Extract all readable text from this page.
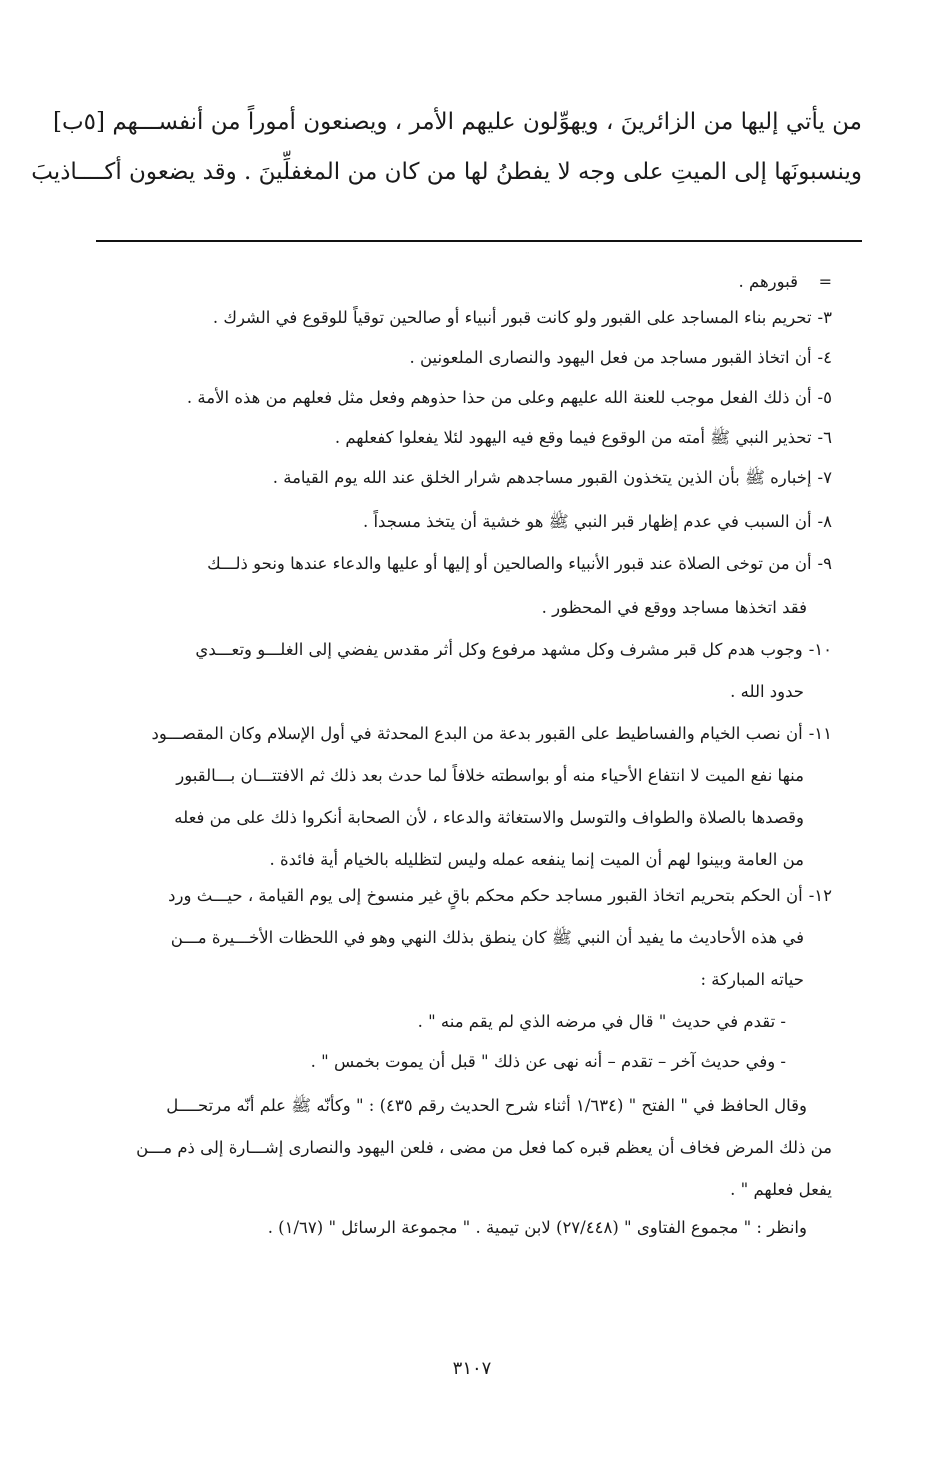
من يأتي إليها من الزائرينَ ، ويهوِّلون عليهم الأمر ، ويصنعون أموراً من أنفســـهم [٥ب]
وينسبونَها إلى الميتِ على وجه لا يفطنُ لها من كان من المغفلِّينَ . وقد يضعون أكــــاذيبَ
=
قبورهم .
٣-تحريم بناء المساجد على القبور ولو كانت قبور أنبياء أو صالحين توقياً للوقوع في الشرك .
٤-أن اتخاذ القبور مساجد من فعل اليهود والنصارى الملعونين .
٥-أن ذلك الفعل موجب للعنة الله عليهم وعلى من حذا حذوهم وفعل مثل فعلهم من هذه الأمة .
٦-تحذير النبي ﷺ أمته من الوقوع فيما وقع فيه اليهود لئلا يفعلوا كفعلهم .
٧-إخباره ﷺ بأن الذين يتخذون القبور مساجدهم شرار الخلق عند الله يوم القيامة .
٨-أن السبب في عدم إظهار قبر النبي ﷺ هو خشية أن يتخذ مسجداً .
٩-أن من توخى الصلاة عند قبور الأنبياء والصالحين أو إليها أو عليها والدعاء عندها ونحو ذلـــك
فقد اتخذها مساجد ووقع في المحظور .
١٠-وجوب هدم كل قبر مشرف وكل مشهد مرفوع وكل أثر مقدس يفضي إلى الغلـــو وتعـــدي
حدود الله .
١١-أن نصب الخيام والفساطيط على القبور بدعة من البدع المحدثة في أول الإسلام وكان المقصـــود
منها نفع الميت لا انتفاع الأحياء منه أو بواسطته خلافاً لما حدث بعد ذلك ثم الافتتـــان بـــالقبور
وقصدها بالصلاة والطواف والتوسل والاستغاثة والدعاء ، لأن الصحابة أنكروا ذلك على من فعله
من العامة وبينوا لهم أن الميت إنما ينفعه عمله وليس لتظليله بالخيام أية فائدة .
١٢-أن الحكم بتحريم اتخاذ القبور مساجد حكم محكم باقٍ غير منسوخ إلى يوم القيامة ، حيـــث ورد
في هذه الأحاديث ما يفيد أن النبي ﷺ كان ينطق بذلك النهي وهو في اللحظات الأخـــيرة مـــن
حياته المباركة :
- تقدم في حديث " قال في مرضه الذي لم يقم منه " .
- وفي حديث آخر – تقدم – أنه نهى عن ذلك " قبل أن يموت بخمس " .
وقال الحافظ في " الفتح " (١/٦٣٤ أثناء شرح الحديث رقم ٤٣٥) : " وكأنّه ﷺ علم أنّه مرتحــــل
من ذلك المرض فخاف أن يعظم قبره كما فعل من مضى ، فلعن اليهود والنصارى إشـــارة إلى ذم مـــن
يفعل فعلهم " .
وانظر : " مجموع الفتاوى " (٢٧/٤٤٨) لابن تيمية . " مجموعة الرسائل " (١/٦٧) .
٣١٠٧
